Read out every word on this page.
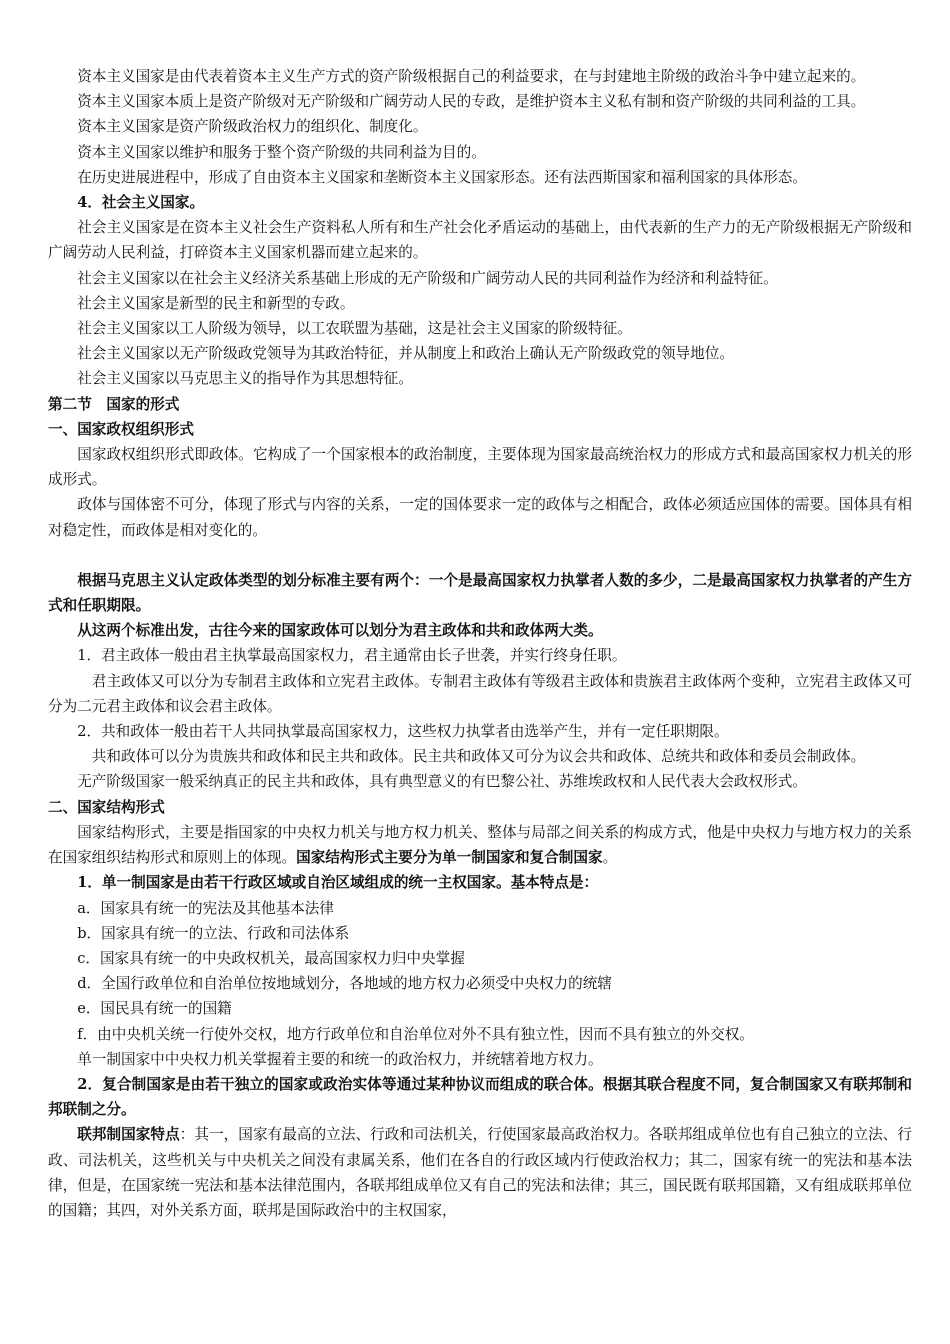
资本主义国家是由代表着资本主义生产方式的资产阶级根据自己的利益要求，在与封建地主阶级的政治斗争中建立起来的。

资本主义国家本质上是资产阶级对无产阶级和广阔劳动人民的专政，是维护资本主义私有制和资产阶级的共同利益的工具。

资本主义国家是资产阶级政治权力的组织化、制度化。

资本主义国家以维护和服务于整个资产阶级的共同利益为目的。

在历史进展进程中，形成了自由资本主义国家和垄断资本主义国家形态。还有法西斯国家和福利国家的具体形态。

4．社会主义国家。

社会主义国家是在资本主义社会生产资料私人所有和生产社会化矛盾运动的基础上，由代表新的生产力的无产阶级根据无产阶级和广阔劳动人民利益，打碎资本主义国家机器而建立起来的。

社会主义国家以在社会主义经济关系基础上形成的无产阶级和广阔劳动人民的共同利益作为经济和利益特征。

社会主义国家是新型的民主和新型的专政。

社会主义国家以工人阶级为领导，以工农联盟为基础，这是社会主义国家的阶级特征。

社会主义国家以无产阶级政党领导为其政治特征，并从制度上和政治上确认无产阶级政党的领导地位。

社会主义国家以马克思主义的指导作为其思想特征。

第二节　国家的形式

一、国家政权组织形式

国家政权组织形式即政体。它构成了一个国家根本的政治制度，主要体现为国家最高统治权力的形成方式和最高国家权力机关的形成形式。

政体与国体密不可分，体现了形式与内容的关系，一定的国体要求一定的政体与之相配合，政体必须适应国体的需要。国体具有相对稳定性，而政体是相对变化的。

根据马克思主义认定政体类型的划分标准主要有两个：一个是最高国家权力执掌者人数的多少，二是最高国家权力执掌者的产生方式和任职期限。

从这两个标准出发，古往今来的国家政体可以划分为君主政体和共和政体两大类。

1．君主政体一般由君主执掌最高国家权力，君主通常由长子世袭，并实行终身任职。

君主政体又可以分为专制君主政体和立宪君主政体。专制君主政体有等级君主政体和贵族君主政体两个变种，立宪君主政体又可分为二元君主政体和议会君主政体。

2．共和政体一般由若干人共同执掌最高国家权力，这些权力执掌者由选举产生，并有一定任职期限。

共和政体可以分为贵族共和政体和民主共和政体。民主共和政体又可分为议会共和政体、总统共和政体和委员会制政体。

无产阶级国家一般采纳真正的民主共和政体，具有典型意义的有巴黎公社、苏维埃政权和人民代表大会政权形式。

二、国家结构形式

国家结构形式，主要是指国家的中央权力机关与地方权力机关、整体与局部之间关系的构成方式，他是中央权力与地方权力的关系在国家组织结构形式和原则上的体现。国家结构形式主要分为单一制国家和复合制国家。

1．单一制国家是由若干行政区域或自治区域组成的统一主权国家。基本特点是：

a．国家具有统一的宪法及其他基本法律

b．国家具有统一的立法、行政和司法体系

c．国家具有统一的中央政权机关，最高国家权力归中央掌握

d．全国行政单位和自治单位按地域划分，各地域的地方权力必须受中央权力的统辖

e．国民具有统一的国籍

f．由中央机关统一行使外交权，地方行政单位和自治单位对外不具有独立性，因而不具有独立的外交权。

单一制国家中中央权力机关掌握着主要的和统一的政治权力，并统辖着地方权力。

2．复合制国家是由若干独立的国家或政治实体等通过某种协议而组成的联合体。根据其联合程度不同，复合制国家又有联邦制和邦联制之分。

联邦制国家特点：其一，国家有最高的立法、行政和司法机关，行使国家最高政治权力。各联邦组成单位也有自己独立的立法、行政、司法机关，这些机关与中央机关之间没有隶属关系，他们在各自的行政区域内行使政治权力；其二，国家有统一的宪法和基本法律，但是，在国家统一宪法和基本法律范围内，各联邦组成单位又有自己的宪法和法律；其三，国民既有联邦国籍，又有组成联邦单位的国籍；其四，对外关系方面，联邦是国际政治中的主权国家，
